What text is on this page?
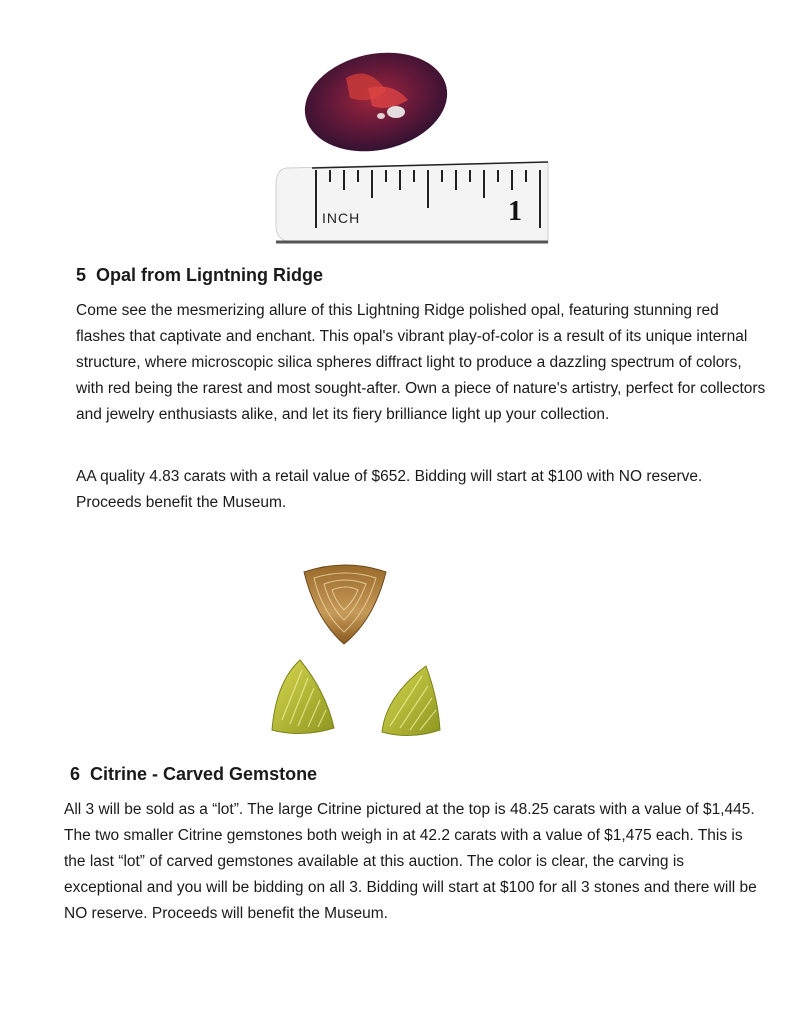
INCH	1
5 Opal from Ligntning Ridge

Come see the mesmerizing allure of this Lightning Ridge polished opal, featuring stunning red flashes that captivate and enchant. This opal's vibrant play-of-color is a result of its unique internal structure, where microscopic silica spheres diffract light to produce a dazzling spectrum of colors, with red being the rarest and most sought-after. Own a piece of nature's artistry, perfect for collectors and jewelry enthusiasts alike, and let its fiery brilliance light up your collection.

AA quality 4.83 carats with a retail value of $652. Bidding will start at $100 with NO reserve. Proceeds benefit the Museum.

6 Citrine - Carved Gemstone

All 3 will be sold as a “lot”. The large Citrine pictured at the top is 48.25 carats with a value of $1,445. The two smaller Citrine gemstones both weigh in at 42.2 carats with a value of $1,475 each. This is the last “lot” of carved gemstones available at this auction. The color is clear, the carving is exceptional and you will be bidding on all 3. Bidding will start at $100 for all 3 stones and there will be NO reserve. Proceeds will benefit the Museum.
